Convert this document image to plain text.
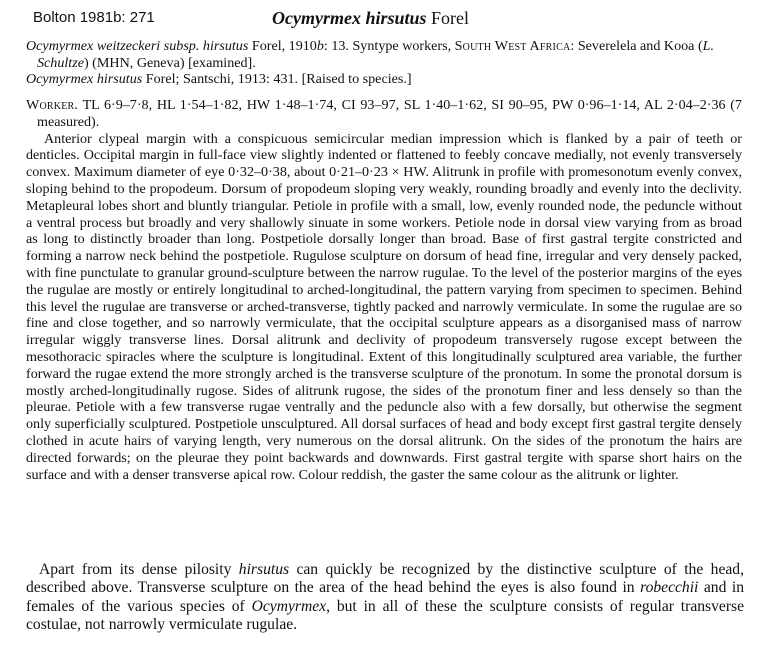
Bolton 1981b: 271	Ocymyrmex hirsutus Forel

Ocymyrmex weitzeckeri subsp. hirsutus Forel, 1910b: 13. Syntype workers, South West Africa: Severelela and Kooa (L. Schultze) (MHN, Geneva) [examined].

Ocymyrmex hirsutus Forel; Santschi, 1913: 431. [Raised to species.]

Worker. TL 6·9–7·8, HL 1·54–1·82, HW 1·48–1·74, CI 93–97, SL 1·40–1·62, SI 90–95, PW 0·96–1·14, AL 2·04–2·36 (7 measured).

Anterior clypeal margin with a conspicuous semicircular median impression which is flanked by a pair of teeth or denticles. Occipital margin in full-face view slightly indented or flattened to feebly concave medially, not evenly transversely convex. Maximum diameter of eye 0·32–0·38, about 0·21–0·23 × HW. Alitrunk in profile with promesonotum evenly convex, sloping behind to the propodeum. Dorsum of propodeum sloping very weakly, rounding broadly and evenly into the declivity. Metapleural lobes short and bluntly triangular. Petiole in profile with a small, low, evenly rounded node, the peduncle without a ventral process but broadly and very shallowly sinuate in some workers. Petiole node in dorsal view varying from as broad as long to distinctly broader than long. Postpetiole dorsally longer than broad. Base of first gastral tergite constricted and forming a narrow neck behind the postpetiole. Rugulose sculpture on dorsum of head fine, irregular and very densely packed, with fine punctulate to granular ground-sculpture between the narrow rugulae. To the level of the posterior margins of the eyes the rugulae are mostly or entirely longitudinal to arched-longitudinal, the pattern varying from specimen to specimen. Behind this level the rugulae are transverse or arched-transverse, tightly packed and narrowly vermiculate. In some the rugulae are so fine and close together, and so narrowly vermiculate, that the occipital sculpture appears as a disorganised mass of narrow irregular wiggly transverse lines. Dorsal alitrunk and declivity of propodeum transversely rugose except between the mesothoracic spiracles where the sculpture is longitudinal. Extent of this longitudinally sculptured area variable, the further forward the rugae extend the more strongly arched is the transverse sculpture of the pronotum. In some the pronotal dorsum is mostly arched-longitudinally rugose. Sides of alitrunk rugose, the sides of the pronotum finer and less densely so than the pleurae. Petiole with a few transverse rugae ventrally and the peduncle also with a few dorsally, but otherwise the segment only superficially sculptured. Postpetiole unsculptured. All dorsal surfaces of head and body except first gastral tergite densely clothed in acute hairs of varying length, very numerous on the dorsal alitrunk. On the sides of the pronotum the hairs are directed forwards; on the pleurae they point backwards and downwards. First gastral tergite with sparse short hairs on the surface and with a denser transverse apical row. Colour reddish, the gaster the same colour as the alitrunk or lighter.

Apart from its dense pilosity hirsutus can quickly be recognized by the distinctive sculpture of the head, described above. Transverse sculpture on the area of the head behind the eyes is also found in robecchii and in females of the various species of Ocymyrmex, but in all of these the sculpture consists of regular transverse costulae, not narrowly vermiculate rugulae.
